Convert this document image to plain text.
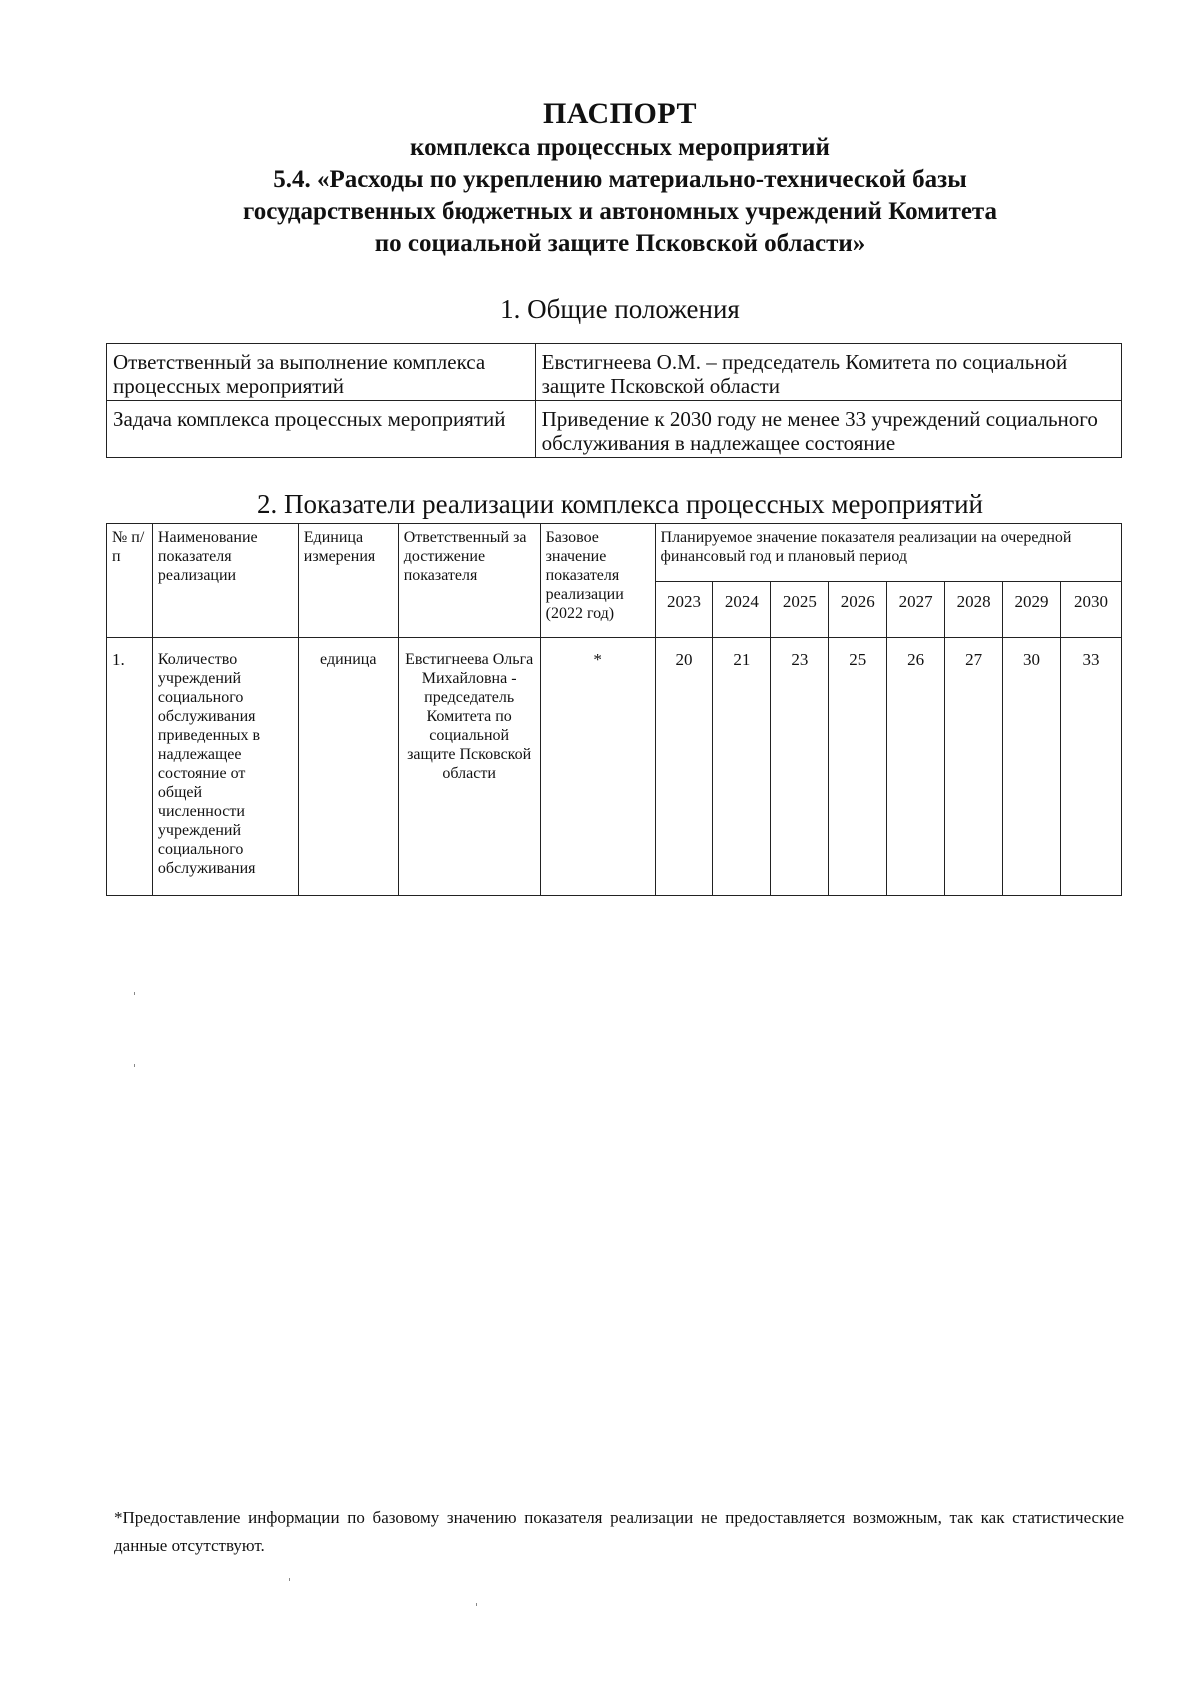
ПАСПОРТ
комплекса процессных мероприятий
5.4. «Расходы по укреплению материально-технической базы
государственных бюджетных и автономных учреждений Комитета
по социальной защите Псковской области»
1. Общие положения
Ответственный за выполнение комплекса процессных мероприятий	Евстигнеева О.М. – председатель Комитета по социальной защите Псковской области
Задача комплекса процессных мероприятий	Приведение к 2030 году не менее 33 учреждений социального обслуживания в надлежащее состояние
2. Показатели реализации комплекса процессных мероприятий
№ п/п	Наименование показателя реализации	Единица измерения	Ответственный за достижение показателя	Базовое значение показателя реализации (2022 год)	Планируемое значение показателя реализации на очередной финансовый год и плановый период							
					2023	2024	2025	2026	2027	2028	2029	2030
1.	Количество учреждений социального обслуживания приведенных в надлежащее состояние от общей численности учреждений социального обслуживания	единица	Евстигнеева Ольга Михайловна - председатель Комитета по социальной защите Псковской области	*	20	21	23	25	26	27	30	33
*Предоставление информации по базовому значению показателя реализации не предоставляется возможным, так как статистические данные отсутствуют.
